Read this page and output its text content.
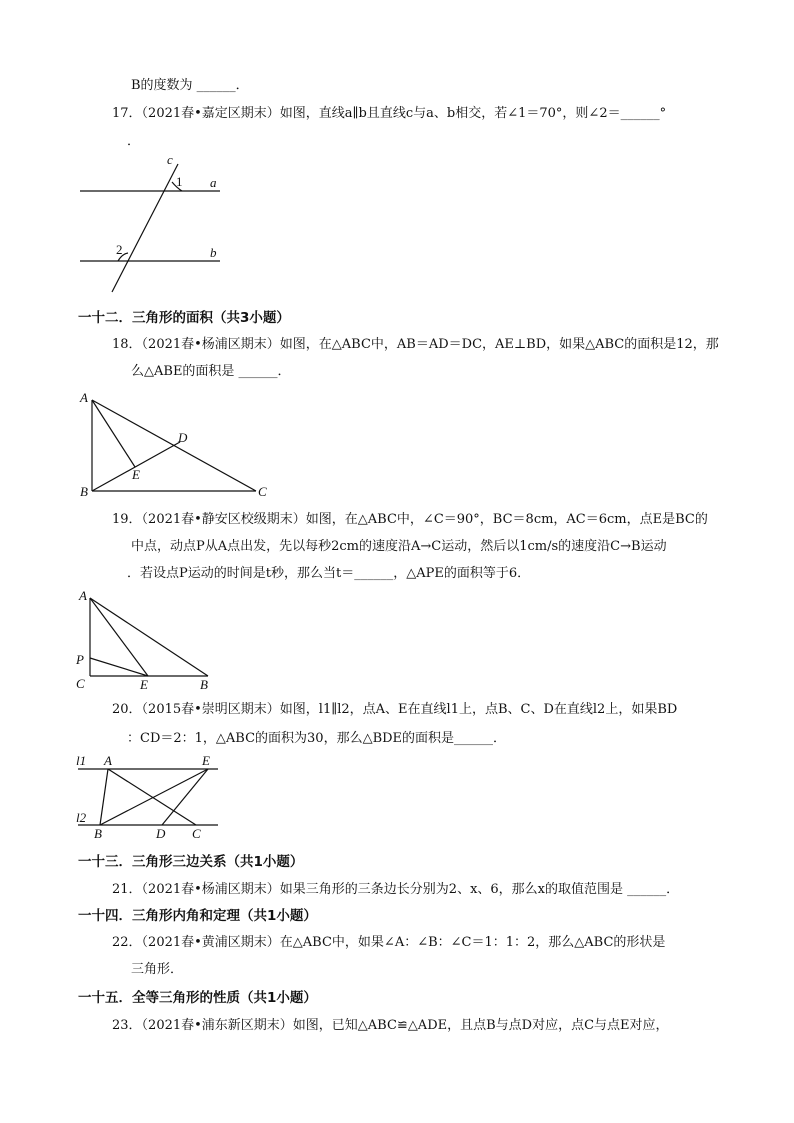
B的度数为 ______．
17．（2021春•嘉定区期末）如图，直线a∥b且直线c与a、b相交，若∠1＝70°，则∠2＝______°
．
c
1 a
2	b
一十二．三角形的面积（共3小题）
18．（2021春•杨浦区期末）如图，在△ABC中，AB＝AD＝DC，AE⊥BD，如果△ABC的面积是12，那
么△ABE的面积是 ______．
A
D
E
B	C
19．（2021春•静安区校级期末）如图，在△ABC中，∠C＝90°，BC＝8cm，AC＝6cm，点E是BC的
中点，动点P从A点出发，先以每秒2cm的速度沿A→C运动，然后以1cm/s的速度沿C→B运动
．若设点P运动的时间是t秒，那么当t＝______，△APE的面积等于6．
A
P
C	E	B
20．（2015春•崇明区期末）如图，l1∥l2，点A、E在直线l1上，点B、C、D在直线l2上，如果BD
：CD＝2：1，△ABC的面积为30，那么△BDE的面积是______．
l1 A	E
l2
B	D C
一十三．三角形三边关系（共1小题）
21．（2021春•杨浦区期末）如果三角形的三条边长分别为2、x、6，那么x的取值范围是 ______．
一十四．三角形内角和定理（共1小题）
22．（2021春•黄浦区期末）在△ABC中，如果∠A：∠B：∠C＝1：1：2，那么△ABC的形状是
三角形．
一十五．全等三角形的性质（共1小题）
23．（2021春•浦东新区期末）如图，已知△ABC≌△ADE，且点B与点D对应，点C与点E对应，
